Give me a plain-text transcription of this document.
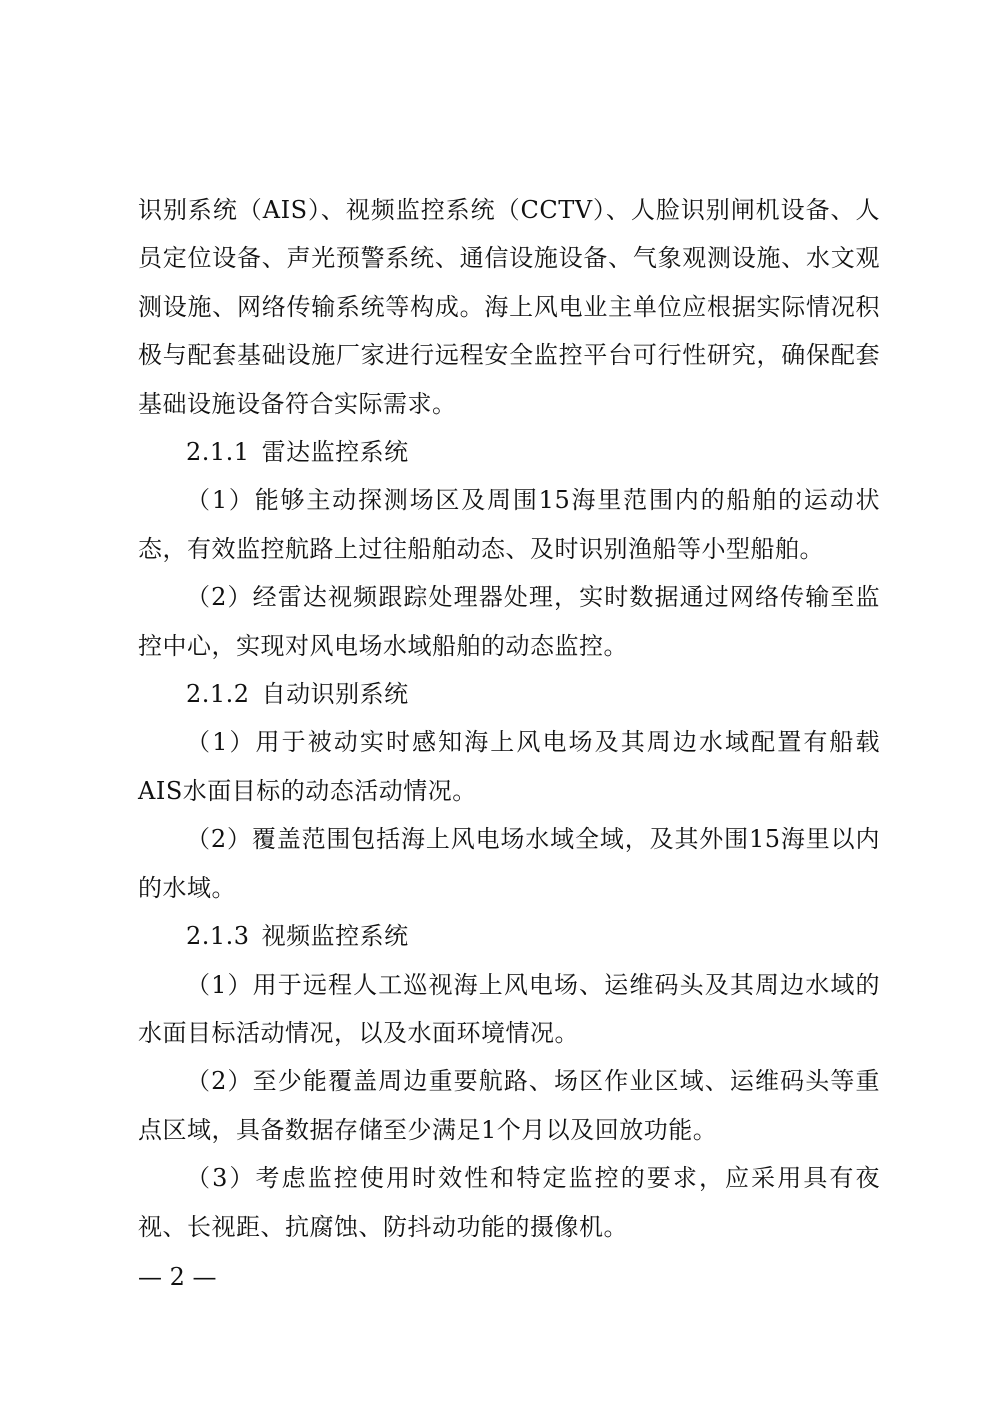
识别系统（AIS）、视频监控系统（CCTV）、人脸识别闸机设备、人员定位设备、声光预警系统、通信设施设备、气象观测设施、水文观测设施、网络传输系统等构成。海上风电业主单位应根据实际情况积极与配套基础设施厂家进行远程安全监控平台可行性研究，确保配套基础设施设备符合实际需求。

2.1.1 雷达监控系统

（1）能够主动探测场区及周围15海里范围内的船舶的运动状态，有效监控航路上过往船舶动态、及时识别渔船等小型船舶。

（2）经雷达视频跟踪处理器处理，实时数据通过网络传输至监控中心，实现对风电场水域船舶的动态监控。

2.1.2 自动识别系统

（1）用于被动实时感知海上风电场及其周边水域配置有船载AIS水面目标的动态活动情况。

（2）覆盖范围包括海上风电场水域全域，及其外围15海里以内的水域。

2.1.3 视频监控系统

（1）用于远程人工巡视海上风电场、运维码头及其周边水域的水面目标活动情况，以及水面环境情况。

（2）至少能覆盖周边重要航路、场区作业区域、运维码头等重点区域，具备数据存储至少满足1个月以及回放功能。

（3）考虑监控使用时效性和特定监控的要求，应采用具有夜视、长视距、抗腐蚀、防抖动功能的摄像机。

— 2 —
